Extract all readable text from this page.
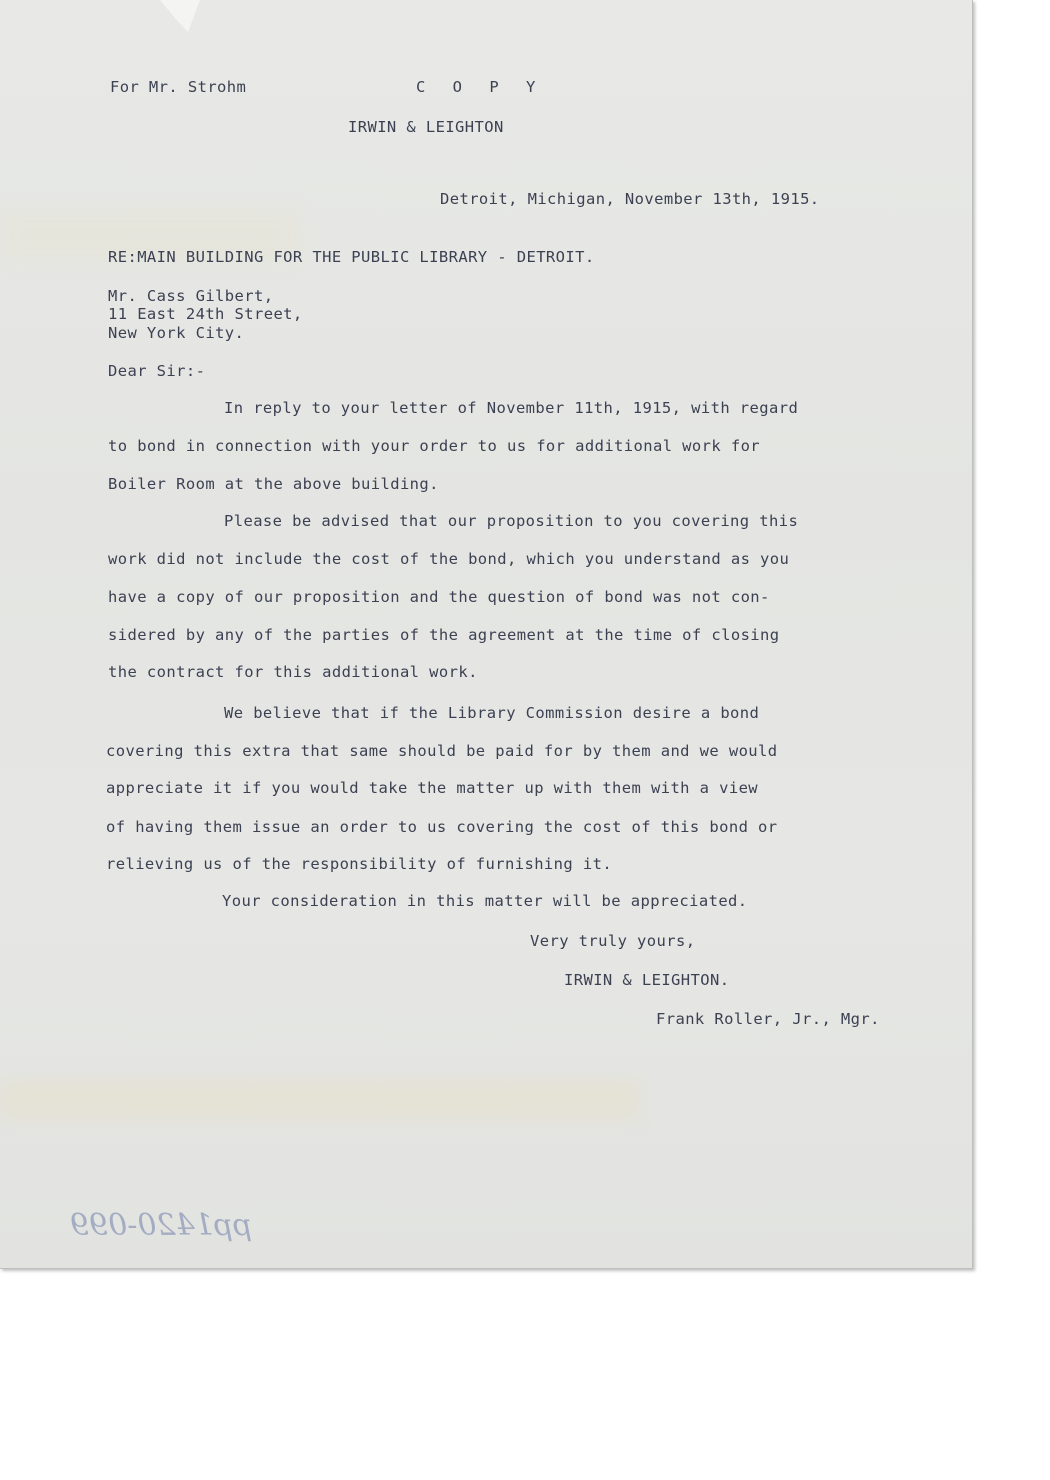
For Mr. Strohm	C O P Y
IRWIN & LEIGHTON
Detroit, Michigan, November 13th, 1915.
RE:MAIN BUILDING FOR THE PUBLIC LIBRARY - DETROIT.
Mr. Cass Gilbert,
11 East 24th Street,
New York City.
Dear Sir:-
In reply to your letter of November 11th, 1915, with regard
to bond in connection with your order to us for additional work for
Boiler Room at the above building.
Please be advised that our proposition to you covering this
work did not include the cost of the bond, which you understand as you
have a copy of our proposition and the question of bond was not con-
sidered by any of the parties of the agreement at the time of closing
the contract for this additional work.
We believe that if the Library Commission desire a bond
covering this extra that same should be paid for by them and we would
appreciate it if you would take the matter up with them with a view
of having them issue an order to us covering the cost of this bond or
relieving us of the responsibility of furnishing it.
Your consideration in this matter will be appreciated.
Very truly yours,
IRWIN & LEIGHTON.
Frank Roller, Jr., Mgr.
pp1420-099
